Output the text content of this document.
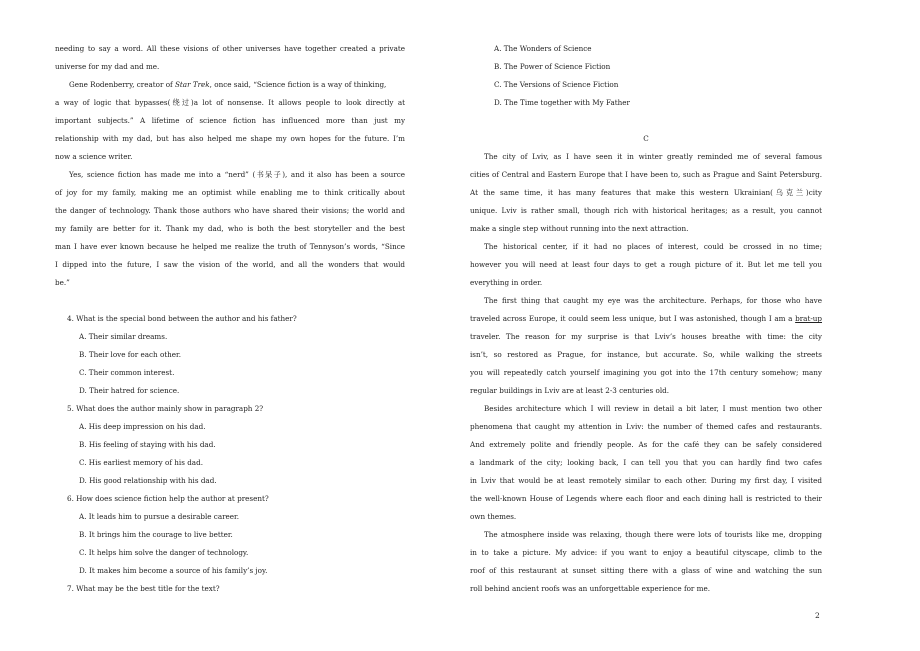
needing to say a word. All these visions of other universes have together created a private
universe for my dad and me.
Gene Rodenberry, creator of Star Trek, once said, “Science fiction is a way of thinking,
a way of logic that bypasses(绕过)a lot of nonsense. It allows people to look directly at
important subjects.” A lifetime of science fiction has influenced more than just my
relationship with my dad, but has also helped me shape my own hopes for the future. I’m
now a science writer.
Yes, science fiction has made me into a “nerd” (书呆子), and it also has been a source
of joy for my family, making me an optimist while enabling me to think critically about
the danger of technology. Thank those authors who have shared their visions; the world and
my family are better for it. Thank my dad, who is both the best storyteller and the best
man I have ever known because he helped me realize the truth of Tennyson’s words, “Since
I dipped into the future, I saw the vision of the world, and all the wonders that would
be.”
4. What is the special bond between the author and his father?
A. Their similar dreams.
B. Their love for each other.
C. Their common interest.
D. Their hatred for science.
5. What does the author mainly show in paragraph 2?
A. His deep impression on his dad.
B. His feeling of staying with his dad.
C. His earliest memory of his dad.
D. His good relationship with his dad.
6. How does science fiction help the author at present?
A. It leads him to pursue a desirable career.
B. It brings him the courage to live better.
C. It helps him solve the danger of technology.
D. It makes him become a source of his family’s joy.
7. What may be the best title for the text?
A. The Wonders of Science
B. The Power of Science Fiction
C. The Versions of Science Fiction
D. The Time together with My Father
C
The city of Lviv, as I have seen it in winter greatly reminded me of several famous
cities of Central and Eastern Europe that I have been to, such as Prague and Saint Petersburg.
At the same time, it has many features that make this western Ukrainian(乌克兰)city
unique. Lviv is rather small, though rich with historical heritages; as a result, you cannot
make a single step without running into the next attraction.
The historical center, if it had no places of interest, could be crossed in no time;
however you will need at least four days to get a rough picture of it. But let me tell you
everything in order.
The first thing that caught my eye was the architecture. Perhaps, for those who have
traveled across Europe, it could seem less unique, but I was astonished, though I am a brat-up
traveler. The reason for my surprise is that Lviv’s houses breathe with time: the city
isn’t, so restored as Prague, for instance, but accurate. So, while walking the streets
you will repeatedly catch yourself imagining you got into the 17th century somehow; many
regular buildings in Lviv are at least 2-3 centuries old.
Besides architecture which I will review in detail a bit later, I must mention two other
phenomena that caught my attention in Lviv: the number of themed cafes and restaurants.
And extremely polite and friendly people. As for the café they can be safely considered
a landmark of the city; looking back, I can tell you that you can hardly find two cafes
in Lviv that would be at least remotely similar to each other. During my first day, I visited
the well-known House of Legends where each floor and each dining hall is restricted to their
own themes.
The atmosphere inside was relaxing, though there were lots of tourists like me, dropping
in to take a picture. My advice: if you want to enjoy a beautiful cityscape, climb to the
roof of this restaurant at sunset sitting there with a glass of wine and watching the sun
roll behind ancient roofs was an unforgettable experience for me.
2
